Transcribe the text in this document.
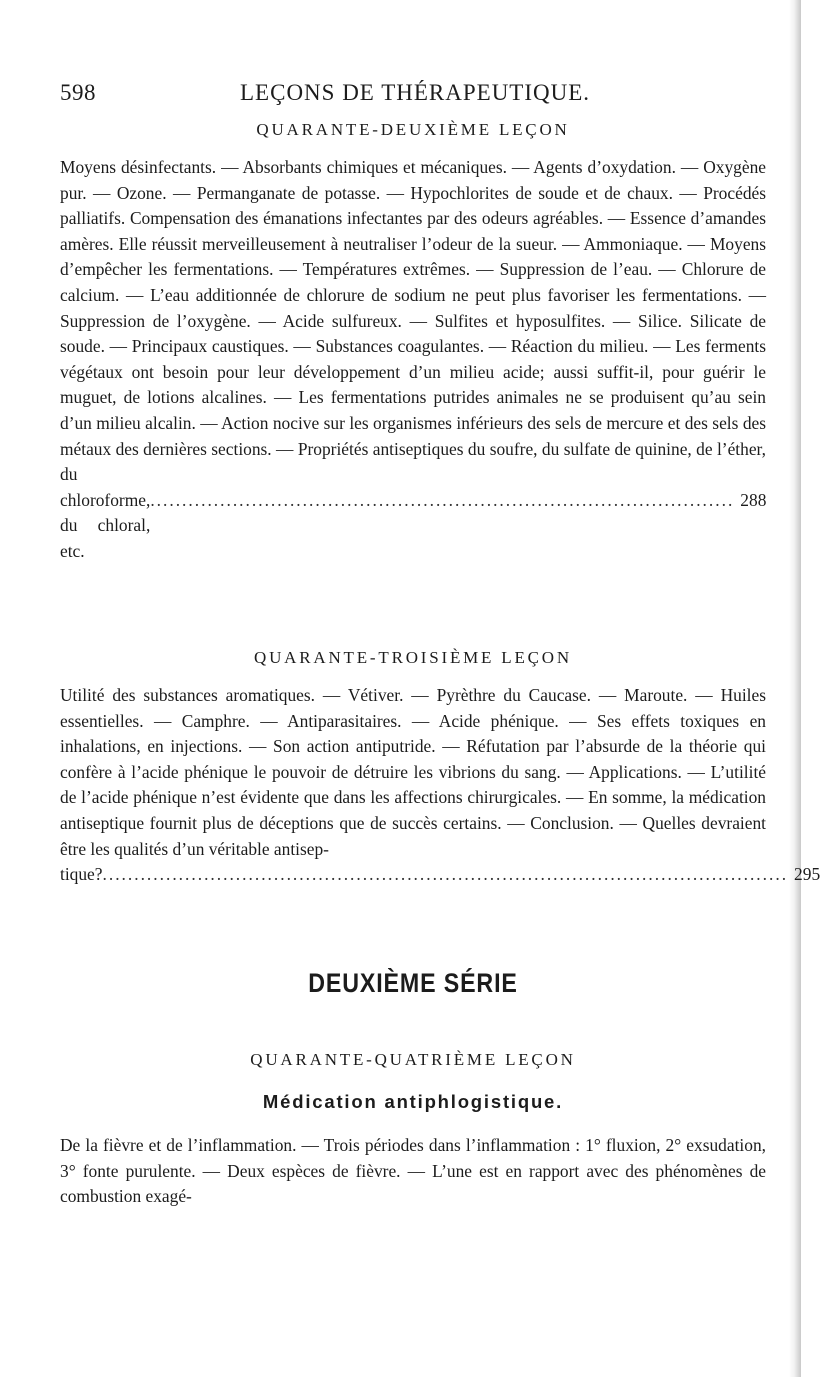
598	LEÇONS DE THÉRAPEUTIQUE.
QUARANTE-DEUXIÈME LEÇON
Moyens désinfectants. — Absorbants chimiques et mécaniques. — Agents d’oxydation. — Oxygène pur. — Ozone. — Permanganate de potasse. — Hypochlorites de soude et de chaux. — Procédés palliatifs. Compensation des émanations infectantes par des odeurs agréables. — Essence d’amandes amères. Elle réussit merveilleusement à neutraliser l’odeur de la sueur. — Ammoniaque. — Moyens d’empêcher les fermentations. — Températures extrêmes. — Suppression de l’eau. — Chlorure de calcium. — L’eau additionnée de chlorure de sodium ne peut plus favoriser les fermentations. — Suppression de l’oxygène. — Acide sulfureux. — Sulfites et hyposulfites. — Silice. Silicate de soude. — Principaux caustiques. — Substances coagulantes. — Réaction du milieu. — Les ferments végétaux ont besoin pour leur développement d’un milieu acide; aussi suffit-il, pour guérir le muguet, de lotions alcalines. — Les fermentations putrides animales ne se produisent qu’au sein d’un milieu alcalin. — Action nocive sur les organismes inférieurs des sels de mercure et des sels des métaux des dernières sections. — Propriétés antiseptiques du soufre, du sulfate de quinine, de l’éther, du
chloroforme, du chloral, etc.
............................................................................................ 288
QUARANTE-TROISIÈME LEÇON
Utilité des substances aromatiques. — Vétiver. — Pyrèthre du Caucase. — Maroute. — Huiles essentielles. — Camphre. — Antiparasitaires. — Acide phénique. — Ses effets toxiques en inhalations, en injections. — Son action antiputride. — Réfutation par l’absurde de la théorie qui confère à l’acide phénique le pouvoir de détruire les vibrions du sang. — Applications. — L’utilité de l’acide phénique n’est évidente que dans les affections chirurgicales. — En somme, la médication antiseptique fournit plus de déceptions que de succès certains. — Conclusion. — Quelles devraient être les qualités d’un véritable antisep-
tique? ............................................................................................................ 295
DEUXIÈME SÉRIE
QUARANTE-QUATRIÈME LEÇON
Médication antiphlogistique.
De la fièvre et de l’inflammation. — Trois périodes dans l’inflammation : 1° fluxion, 2° exsudation, 3° fonte purulente. — Deux espèces de fièvre. — L’une est en rapport avec des phénomènes de combustion exagé-
